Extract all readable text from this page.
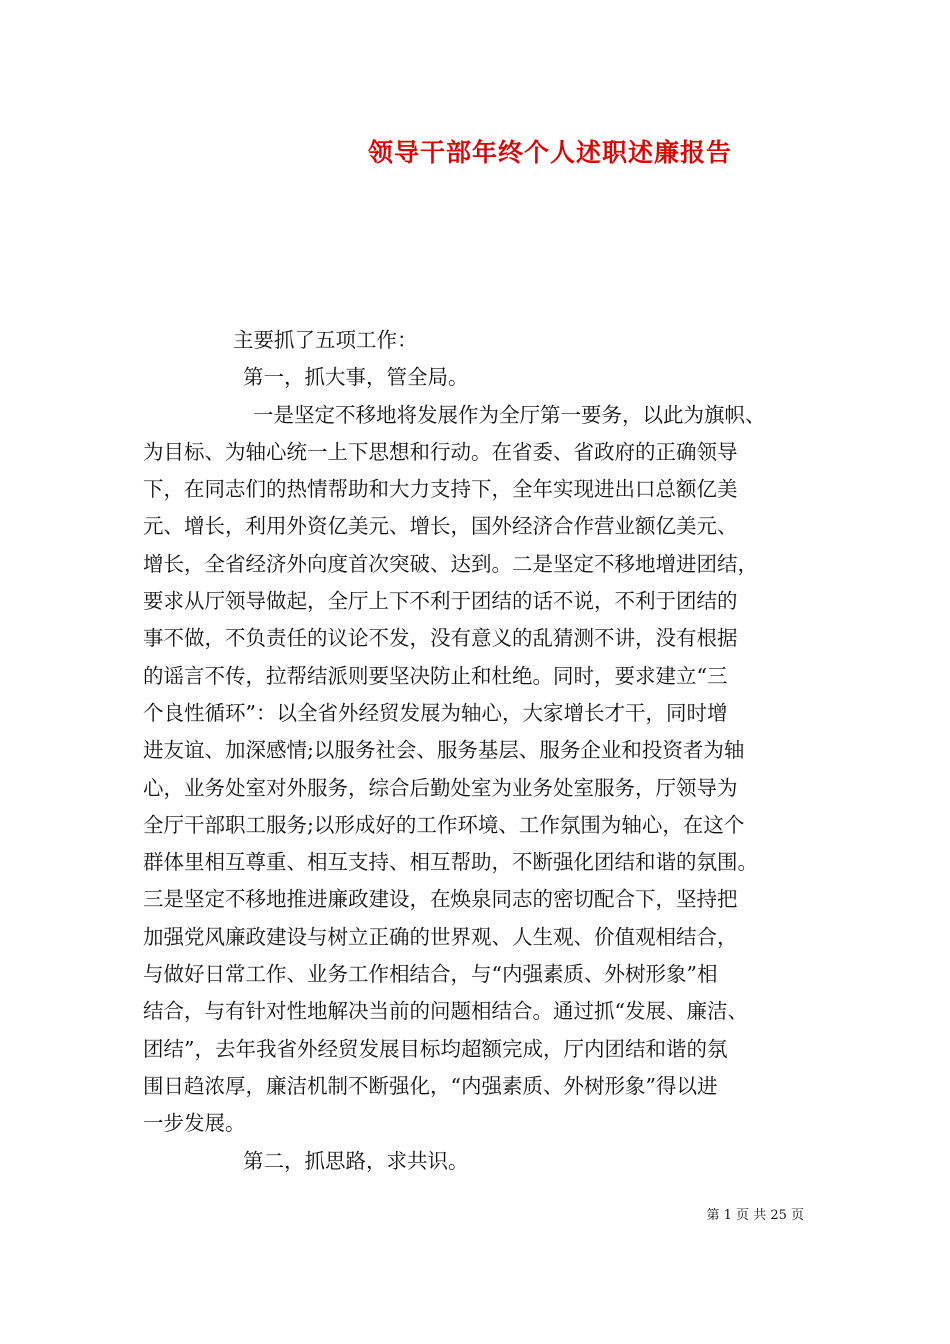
领导干部年终个人述职述廉报告
主要抓了五项工作：
第一，抓大事，管全局。
一是坚定不移地将发展作为全厅第一要务，以此为旗帜、
为目标、为轴心统一上下思想和行动。在省委、省政府的正确领导
下，在同志们的热情帮助和大力支持下，全年实现进出口总额亿美
元、增长，利用外资亿美元、增长，国外经济合作营业额亿美元、
增长，全省经济外向度首次突破、达到。二是坚定不移地增进团结，
要求从厅领导做起，全厅上下不利于团结的话不说，不利于团结的
事不做，不负责任的议论不发，没有意义的乱猜测不讲，没有根据
的谣言不传，拉帮结派则要坚决防止和杜绝。同时，要求建立“三
个良性循环”：以全省外经贸发展为轴心，大家增长才干，同时增
进友谊、加深感情;以服务社会、服务基层、服务企业和投资者为轴
心，业务处室对外服务，综合后勤处室为业务处室服务，厅领导为
全厅干部职工服务;以形成好的工作环境、工作氛围为轴心，在这个
群体里相互尊重、相互支持、相互帮助，不断强化团结和谐的氛围。
三是坚定不移地推进廉政建设，在焕泉同志的密切配合下，坚持把
加强党风廉政建设与树立正确的世界观、人生观、价值观相结合，
与做好日常工作、业务工作相结合，与“内强素质、外树形象”相
结合，与有针对性地解决当前的问题相结合。通过抓“发展、廉洁、
团结”，去年我省外经贸发展目标均超额完成，厅内团结和谐的氛
围日趋浓厚，廉洁机制不断强化，“内强素质、外树形象”得以进
一步发展。
第二，抓思路，求共识。
第 1 页 共 25 页
